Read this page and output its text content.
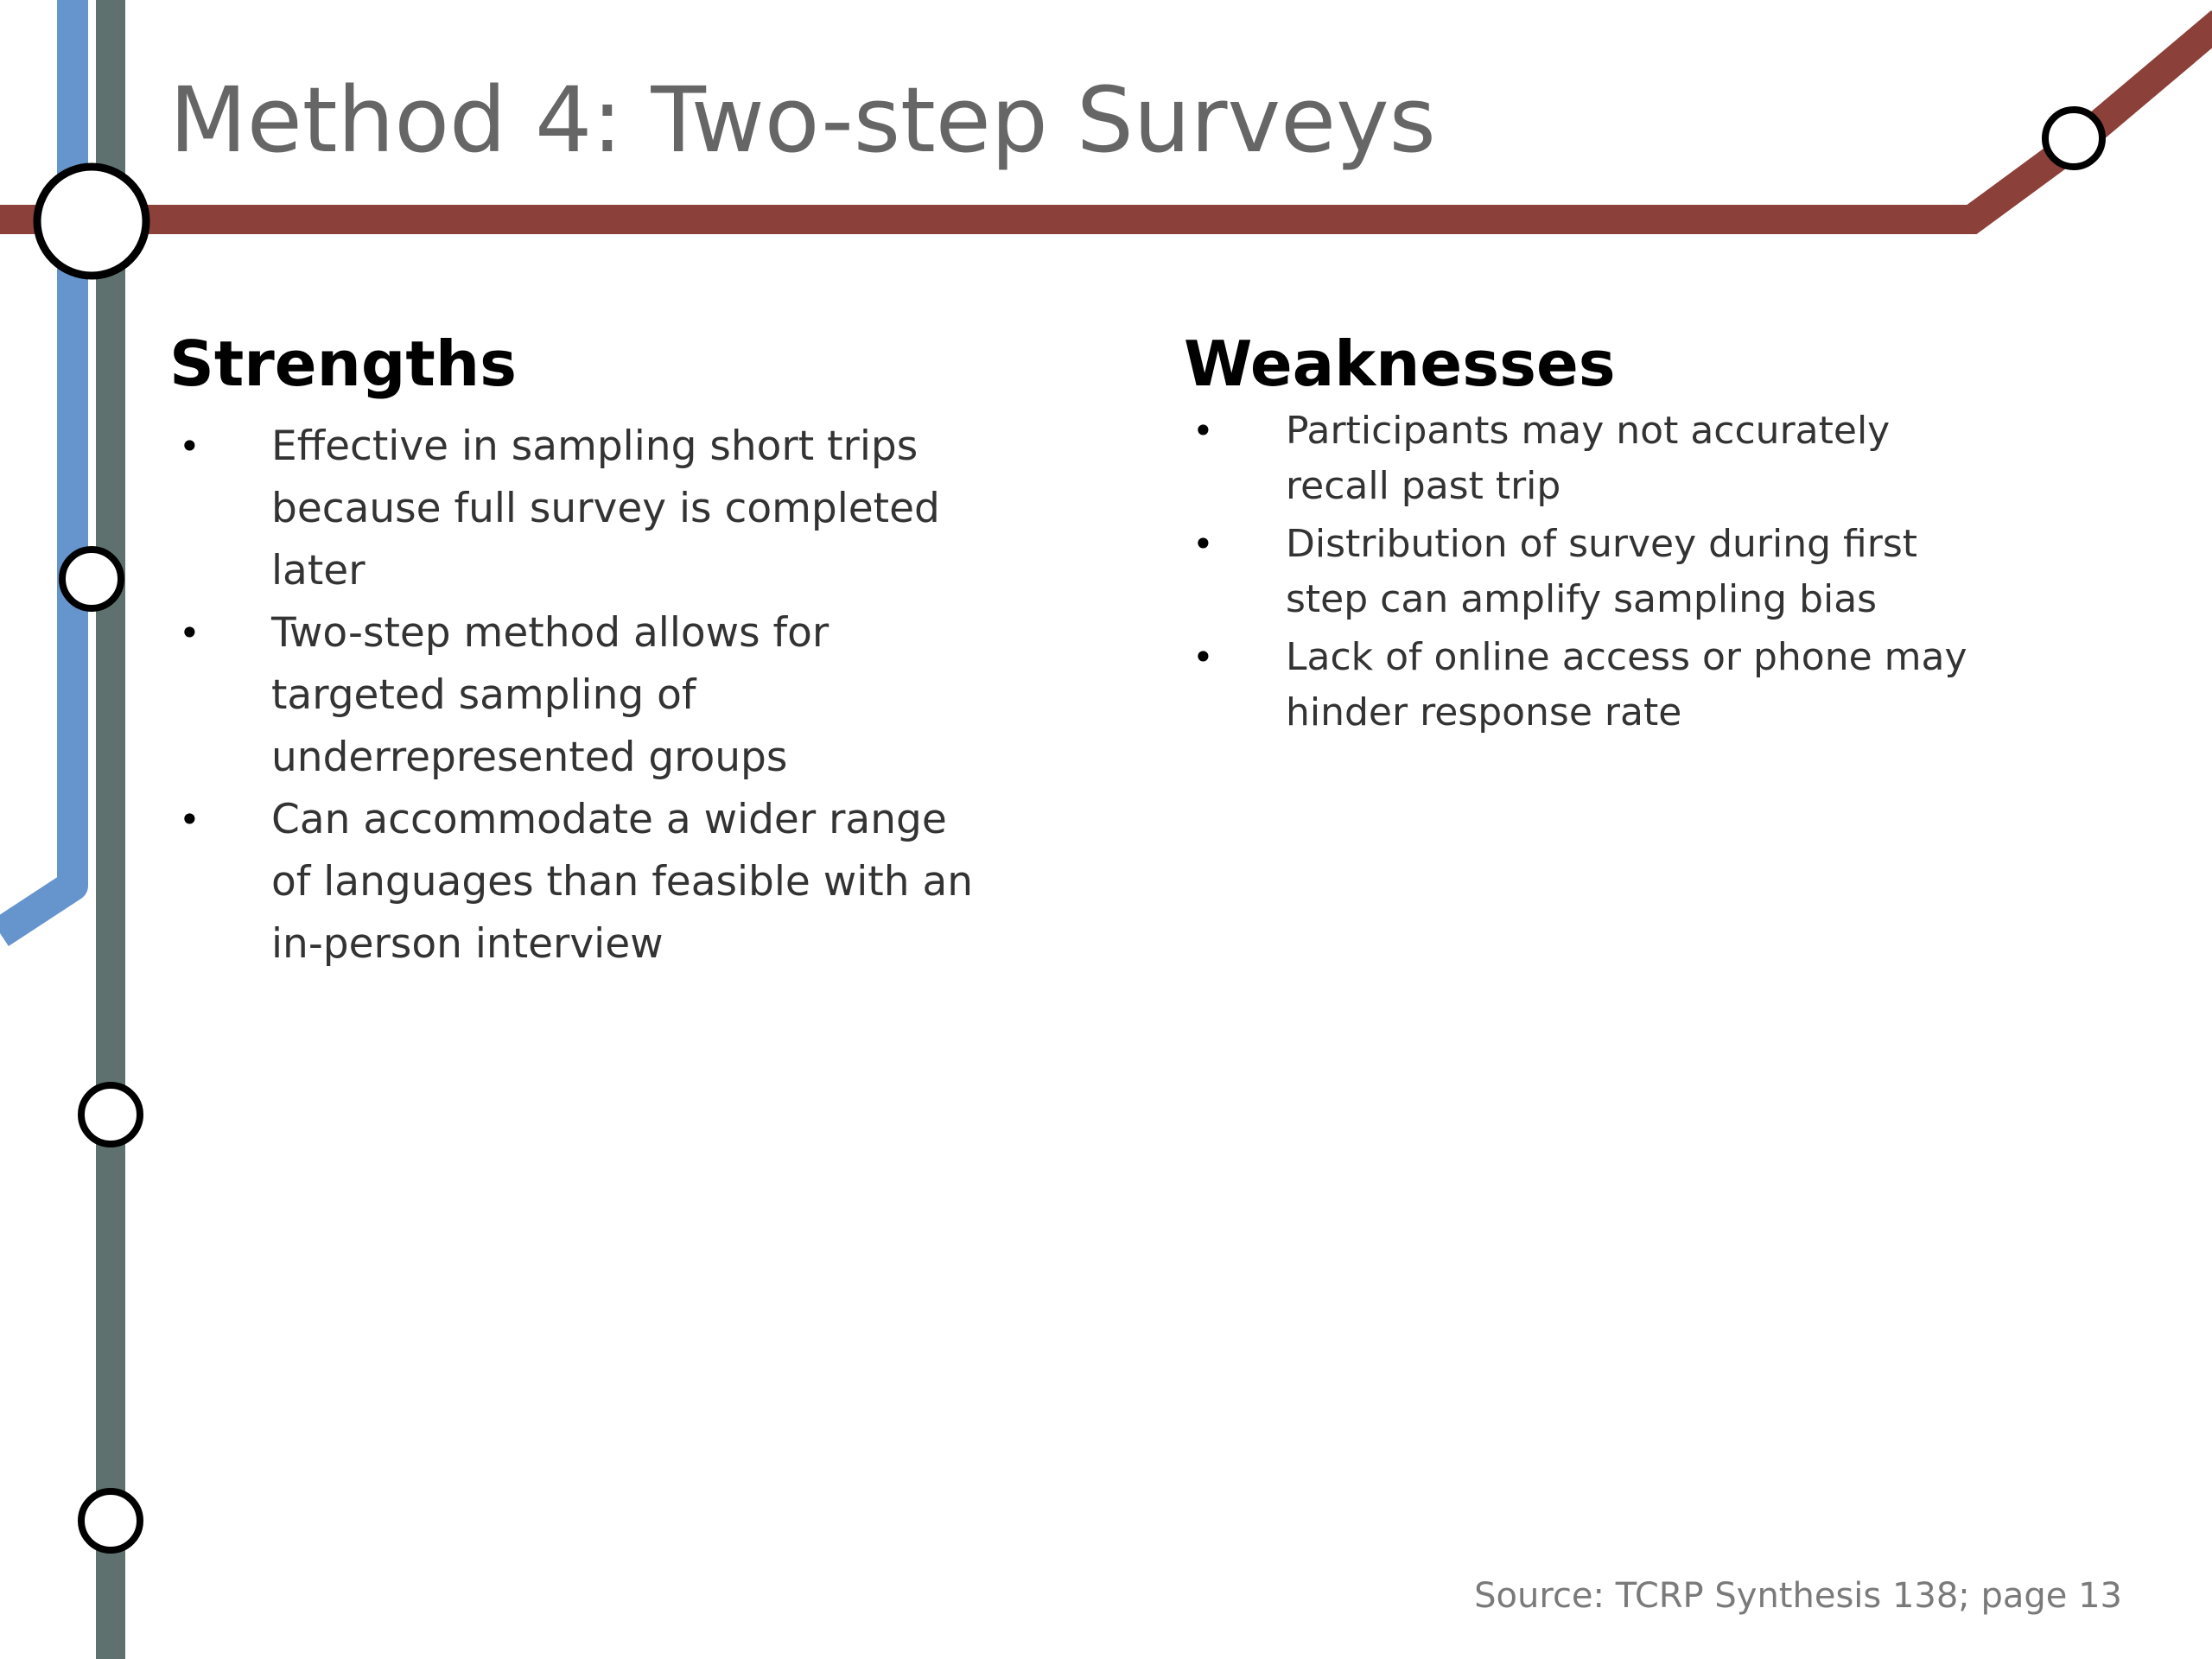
Method 4: Two-step Surveys
Strengths
• Effective in sampling short trips
because full survey is completed
later
• Two-step method allows for
targeted sampling of
underrepresented groups
• Can accommodate a wider range
of languages than feasible with an
in-person interview
Weaknesses
• Participants may not accurately
recall past trip
• Distribution of survey during first
step can amplify sampling bias
• Lack of online access or phone may
hinder response rate
Source: TCRP Synthesis 138; page 13
